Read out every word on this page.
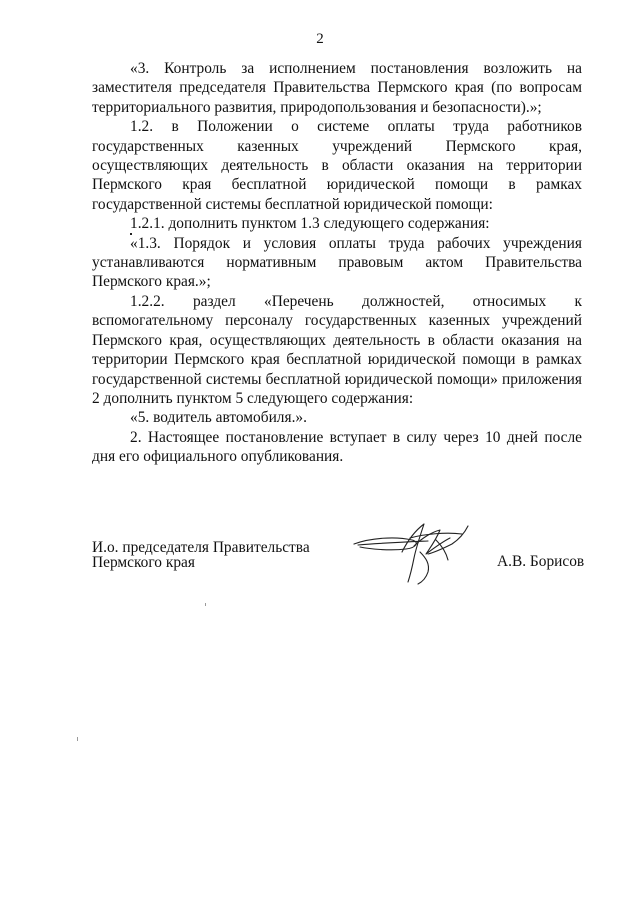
2

«3. Контроль за исполнением постановления возложить на заместителя председателя Правительства Пермского края (по вопросам территориального развития, природопользования и безопасности).»;

1.2. в Положении о системе оплаты труда работников государственных казенных учреждений Пермского края, осуществляющих деятельность в области оказания на территории Пермского края бесплатной юридической помощи в рамках государственной системы бесплатной юридической помощи:

1.2.1. дополнить пунктом 1.3 следующего содержания:

«1.3. Порядок и условия оплаты труда рабочих учреждения устанавливаются нормативным правовым актом Правительства Пермского края.»;

1.2.2. раздел «Перечень должностей, относимых к вспомогательному персоналу государственных казенных учреждений Пермского края, осуществляющих деятельность в области оказания на территории Пермского края бесплатной юридической помощи в рамках государственной системы бесплатной юридической помощи» приложения 2 дополнить пунктом 5 следующего содержания:

«5. водитель автомобиля.».

2. Настоящее постановление вступает в силу через 10 дней после дня его официального опубликования.

И.о. председателя Правительства
Пермского края	А.В. Борисов
